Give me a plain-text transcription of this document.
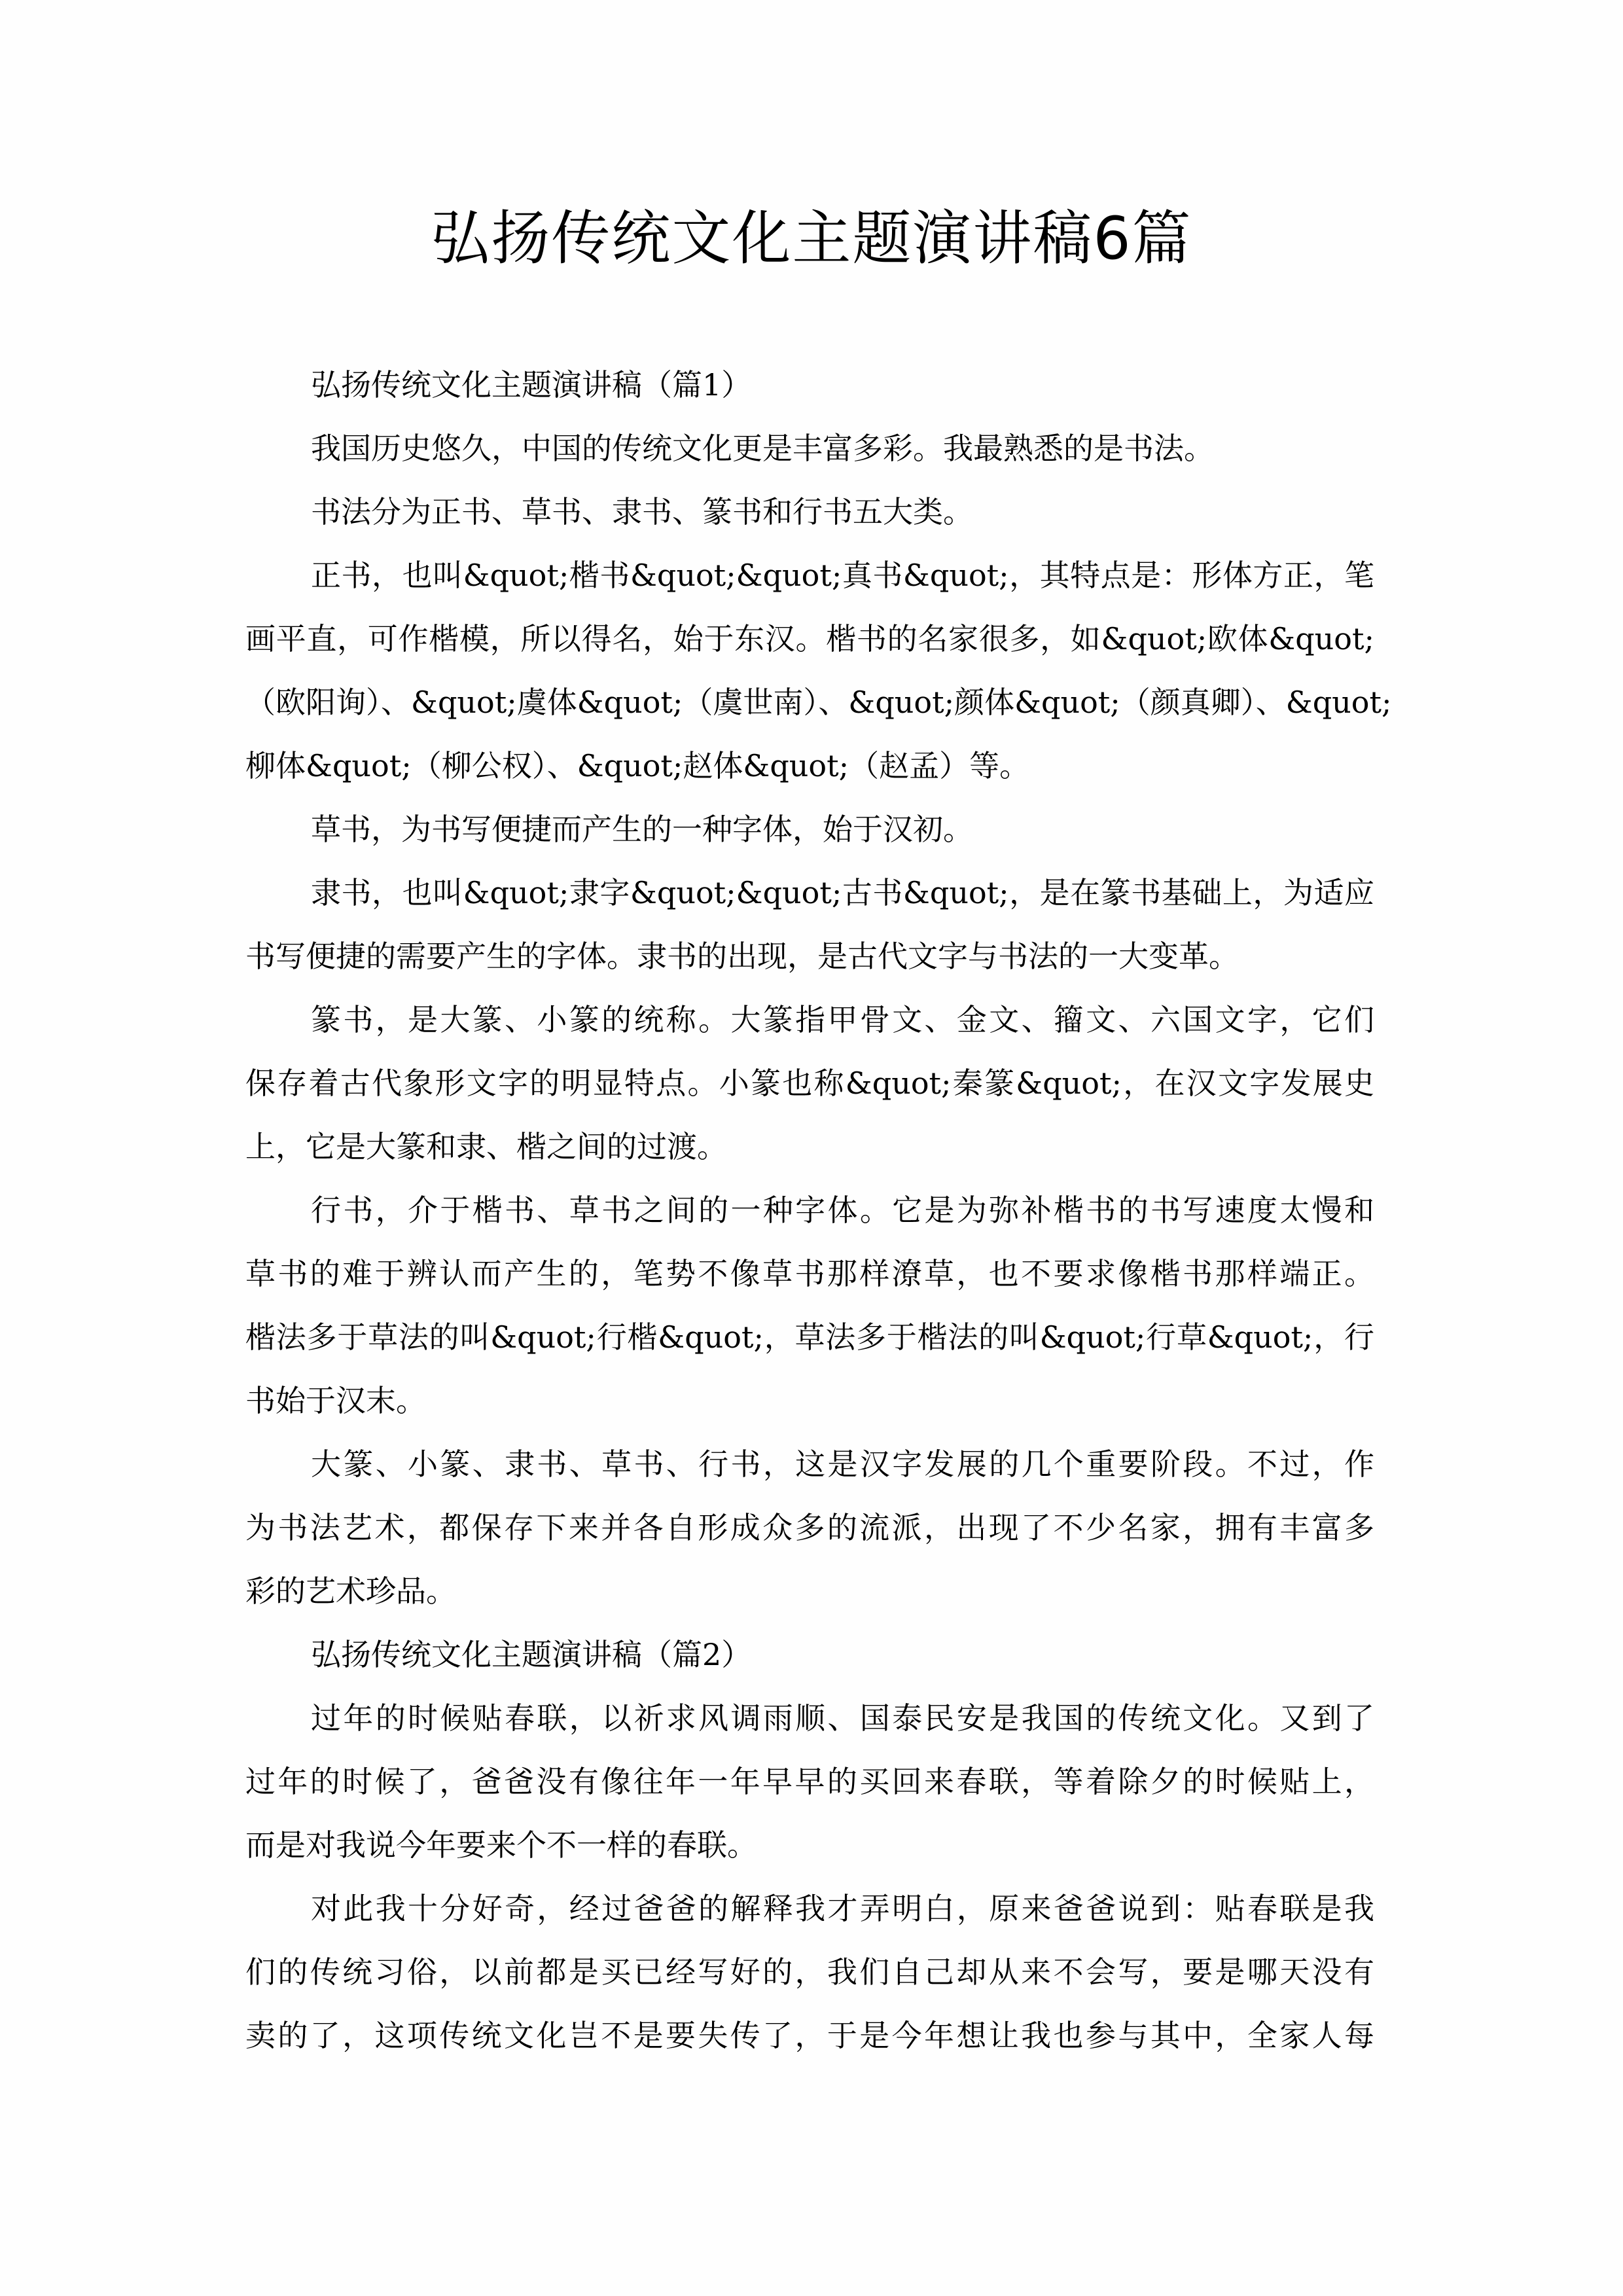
弘扬传统文化主题演讲稿6篇
弘扬传统文化主题演讲稿（篇1）
我国历史悠久，中国的传统文化更是丰富多彩。我最熟悉的是书法。
书法分为正书、草书、隶书、篆书和行书五大类。
正书，也叫&quot;楷书&quot;&quot;真书&quot;，其特点是：形体方正，笔
画平直，可作楷模，所以得名，始于东汉。楷书的名家很多，如&quot;欧体&quot;
（欧阳询）、&quot;虞体&quot;（虞世南）、&quot;颜体&quot;（颜真卿）、&quot;
柳体&quot;（柳公权）、&quot;赵体&quot;（赵孟）等。
草书，为书写便捷而产生的一种字体，始于汉初。
隶书，也叫&quot;隶字&quot;&quot;古书&quot;，是在篆书基础上，为适应
书写便捷的需要产生的字体。隶书的出现，是古代文字与书法的一大变革。
篆书，是大篆、小篆的统称。大篆指甲骨文、金文、籀文、六国文字，它们
保存着古代象形文字的明显特点。小篆也称&quot;秦篆&quot;，在汉文字发展史
上，它是大篆和隶、楷之间的过渡。
行书，介于楷书、草书之间的一种字体。它是为弥补楷书的书写速度太慢和
草书的难于辨认而产生的，笔势不像草书那样潦草，也不要求像楷书那样端正。
楷法多于草法的叫&quot;行楷&quot;，草法多于楷法的叫&quot;行草&quot;，行
书始于汉末。
大篆、小篆、隶书、草书、行书，这是汉字发展的几个重要阶段。不过，作
为书法艺术，都保存下来并各自形成众多的流派，出现了不少名家，拥有丰富多
彩的艺术珍品。
弘扬传统文化主题演讲稿（篇2）
过年的时候贴春联，以祈求风调雨顺、国泰民安是我国的传统文化。又到了
过年的时候了，爸爸没有像往年一年早早的买回来春联，等着除夕的时候贴上，
而是对我说今年要来个不一样的春联。
对此我十分好奇，经过爸爸的解释我才弄明白，原来爸爸说到：贴春联是我
们的传统习俗，以前都是买已经写好的，我们自己却从来不会写，要是哪天没有
卖的了，这项传统文化岂不是要失传了，于是今年想让我也参与其中，全家人每
